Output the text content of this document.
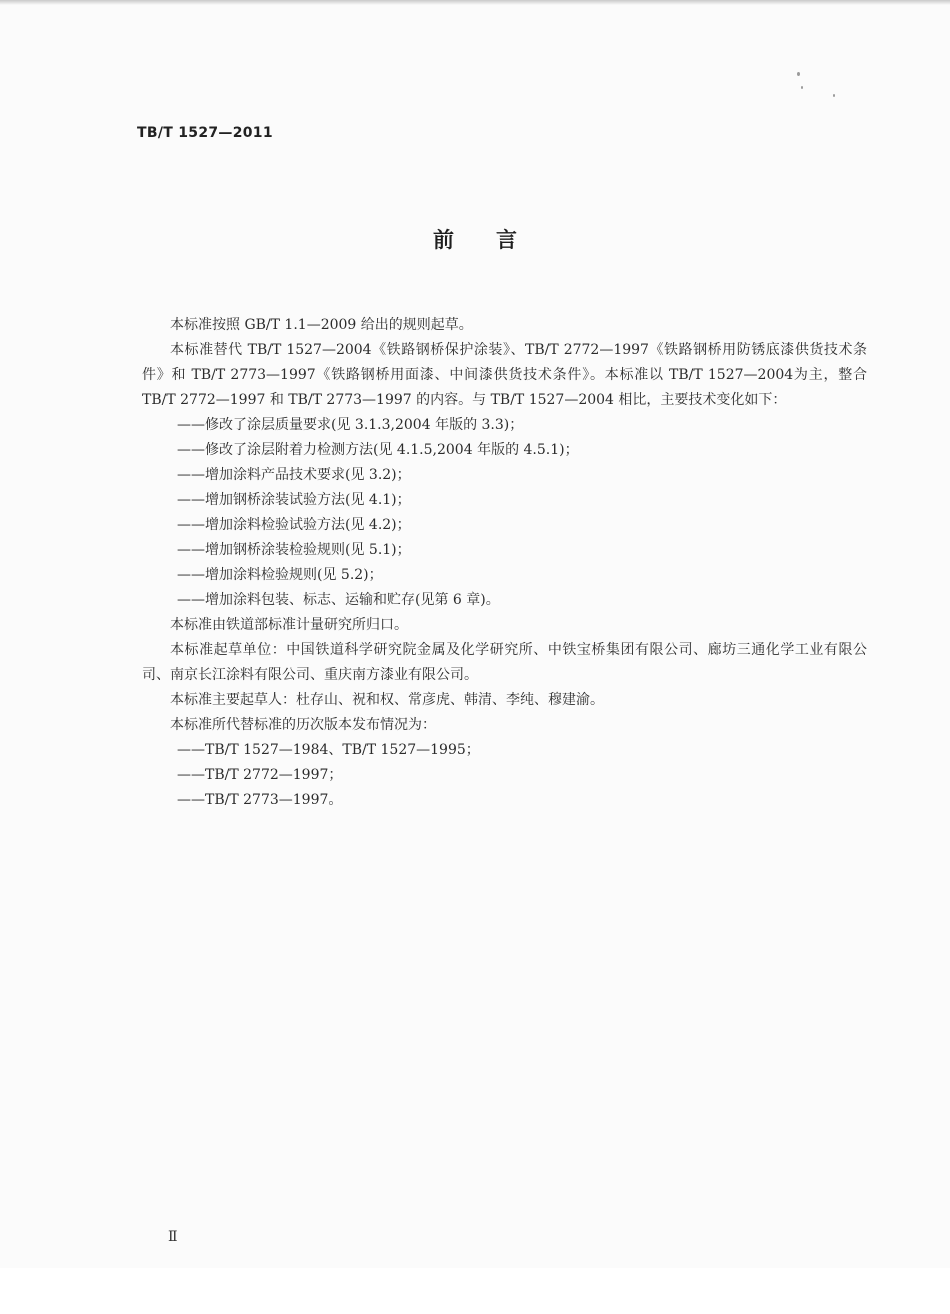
TB/T 1527—2011
前言

本标准按照 GB/T 1.1—2009 给出的规则起草。

本标准替代 TB/T 1527—2004《铁路钢桥保护涂装》、TB/T 2772—1997《铁路钢桥用防锈底漆供货技术条件》和 TB/T 2773—1997《铁路钢桥用面漆、中间漆供货技术条件》。本标准以 TB/T 1527—2004为主，整合 TB/T 2772—1997 和 TB/T 2773—1997 的内容。与 TB/T 1527—2004 相比，主要技术变化如下：

——修改了涂层质量要求(见 3.1.3,2004 年版的 3.3)；

——修改了涂层附着力检测方法(见 4.1.5,2004 年版的 4.5.1)；

——增加涂料产品技术要求(见 3.2)；

——增加钢桥涂装试验方法(见 4.1)；

——增加涂料检验试验方法(见 4.2)；

——增加钢桥涂装检验规则(见 5.1)；

——增加涂料检验规则(见 5.2)；

——增加涂料包装、标志、运输和贮存(见第 6 章)。

本标准由铁道部标准计量研究所归口。

本标准起草单位：中国铁道科学研究院金属及化学研究所、中铁宝桥集团有限公司、廊坊三通化学工业有限公司、南京长江涂料有限公司、重庆南方漆业有限公司。

本标准主要起草人：杜存山、祝和权、常彦虎、韩清、李纯、穆建渝。

本标准所代替标准的历次版本发布情况为：

——TB/T 1527—1984、TB/T 1527—1995；

——TB/T 2772—1997；

——TB/T 2773—1997。

Ⅱ
